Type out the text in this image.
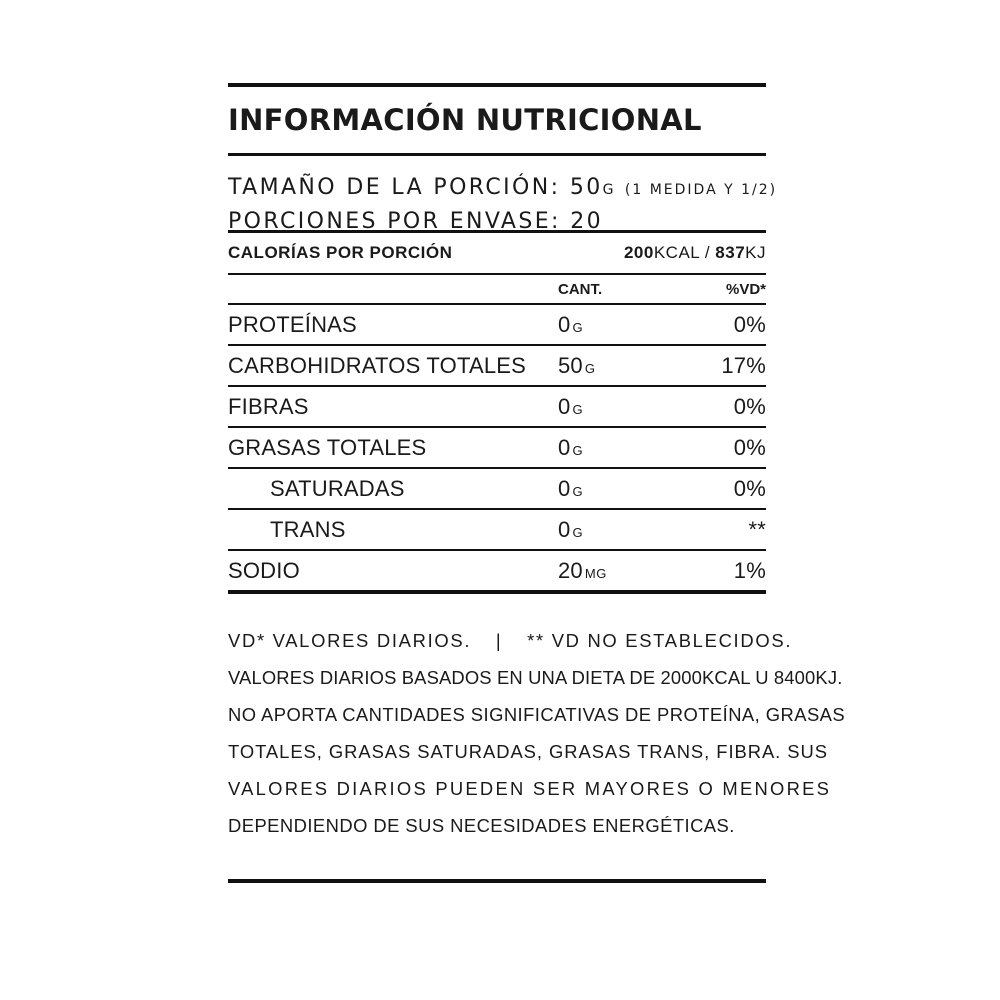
INFORMACIÓN NUTRICIONAL
TAMAÑO DE LA PORCIÓN: 50G (1 MEDIDA Y 1/2)
PORCIONES POR ENVASE: 20
CALORÍAS POR PORCIÓN	200KCAL / 837KJ
CANT.	%VD*
PROTEÍNAS	0 G	0%
CARBOHIDRATOS TOTALES 50 G	17%
FIBRAS	0 G	0%
GRASAS TOTALES	0 G	0%
SATURADAS	0 G	0%
TRANS	0 G	**
SODIO	20 MG	1%
VD* VALORES DIARIOS. | ** VD NO ESTABLECIDOS.
VALORES DIARIOS BASADOS EN UNA DIETA DE 2000KCAL U 8400KJ.
NO APORTA CANTIDADES SIGNIFICATIVAS DE PROTEÍNA, GRASAS
TOTALES, GRASAS SATURADAS, GRASAS TRANS, FIBRA. SUS
VALORES DIARIOS PUEDEN SER MAYORES O MENORES
DEPENDIENDO DE SUS NECESIDADES ENERGÉTICAS.
